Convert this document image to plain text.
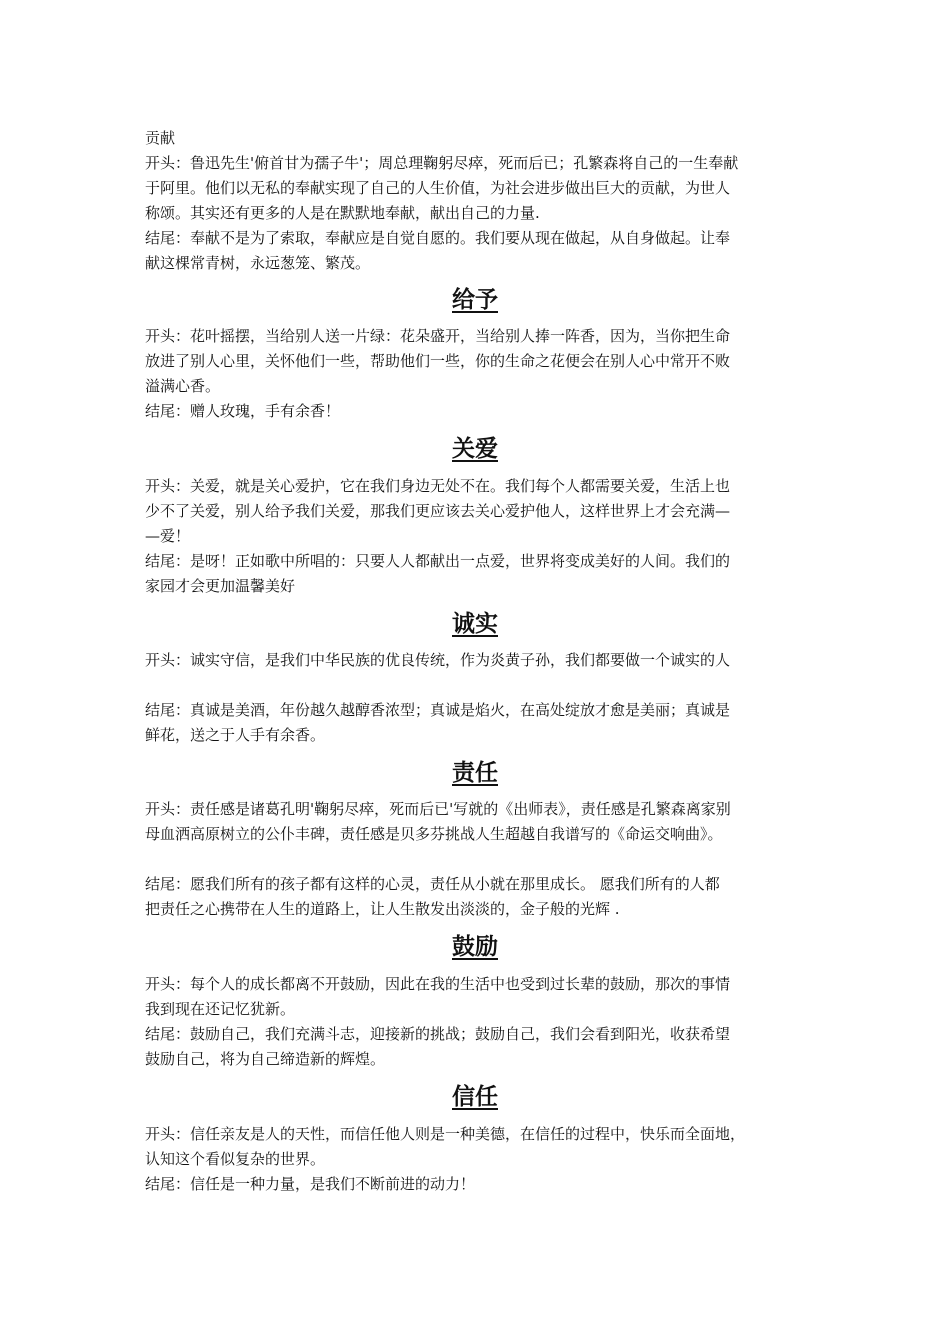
贡献
开头：鲁迅先生'俯首甘为孺子牛'；周总理鞠躬尽瘁，死而后已；孔繁森将自己的一生奉献
于阿里。他们以无私的奉献实现了自己的人生价值，为社会进步做出巨大的贡献，为世人
称颂。其实还有更多的人是在默默地奉献，献出自己的力量.
结尾：奉献不是为了索取，奉献应是自觉自愿的。我们要从现在做起，从自身做起。让奉
献这棵常青树，永远葱笼、繁茂。
给予
开头：花叶摇摆，当给别人送一片绿：花朵盛开，当给别人捧一阵香，因为，当你把生命
放进了别人心里，关怀他们一些，帮助他们一些，你的生命之花便会在别人心中常开不败
溢满心香。
结尾：赠人玫瑰，手有余香！
关爱
开头：关爱，就是关心爱护，它在我们身边无处不在。我们每个人都需要关爱，生活上也
少不了关爱，别人给予我们关爱，那我们更应该去关心爱护他人，这样世界上才会充满—
—爱！
结尾：是呀！正如歌中所唱的：只要人人都献出一点爱，世界将变成美好的人间。我们的
家园才会更加温馨美好
诚实
开头：诚实守信，是我们中华民族的优良传统，作为炎黄子孙，我们都要做一个诚实的人
结尾：真诚是美酒，年份越久越醇香浓型；真诚是焰火，在高处绽放才愈是美丽；真诚是
鲜花，送之于人手有余香。
责任
开头：责任感是诸葛孔明'鞠躬尽瘁，死而后已'写就的《出师表》，责任感是孔繁森离家别
母血洒高原树立的公仆丰碑，责任感是贝多芬挑战人生超越自我谱写的《命运交响曲》。
结尾：愿我们所有的孩子都有这样的心灵，责任从小就在那里成长。 愿我们所有的人都
把责任之心携带在人生的道路上，让人生散发出淡淡的，金子般的光辉 .
鼓励
开头：每个人的成长都离不开鼓励，因此在我的生活中也受到过长辈的鼓励，那次的事情
我到现在还记忆犹新。
结尾：鼓励自己，我们充满斗志，迎接新的挑战；鼓励自己，我们会看到阳光，收获希望
鼓励自己，将为自己缔造新的辉煌。
信任
开头：信任亲友是人的天性，而信任他人则是一种美德，在信任的过程中，快乐而全面地，
认知这个看似复杂的世界。
结尾：信任是一种力量，是我们不断前进的动力！
